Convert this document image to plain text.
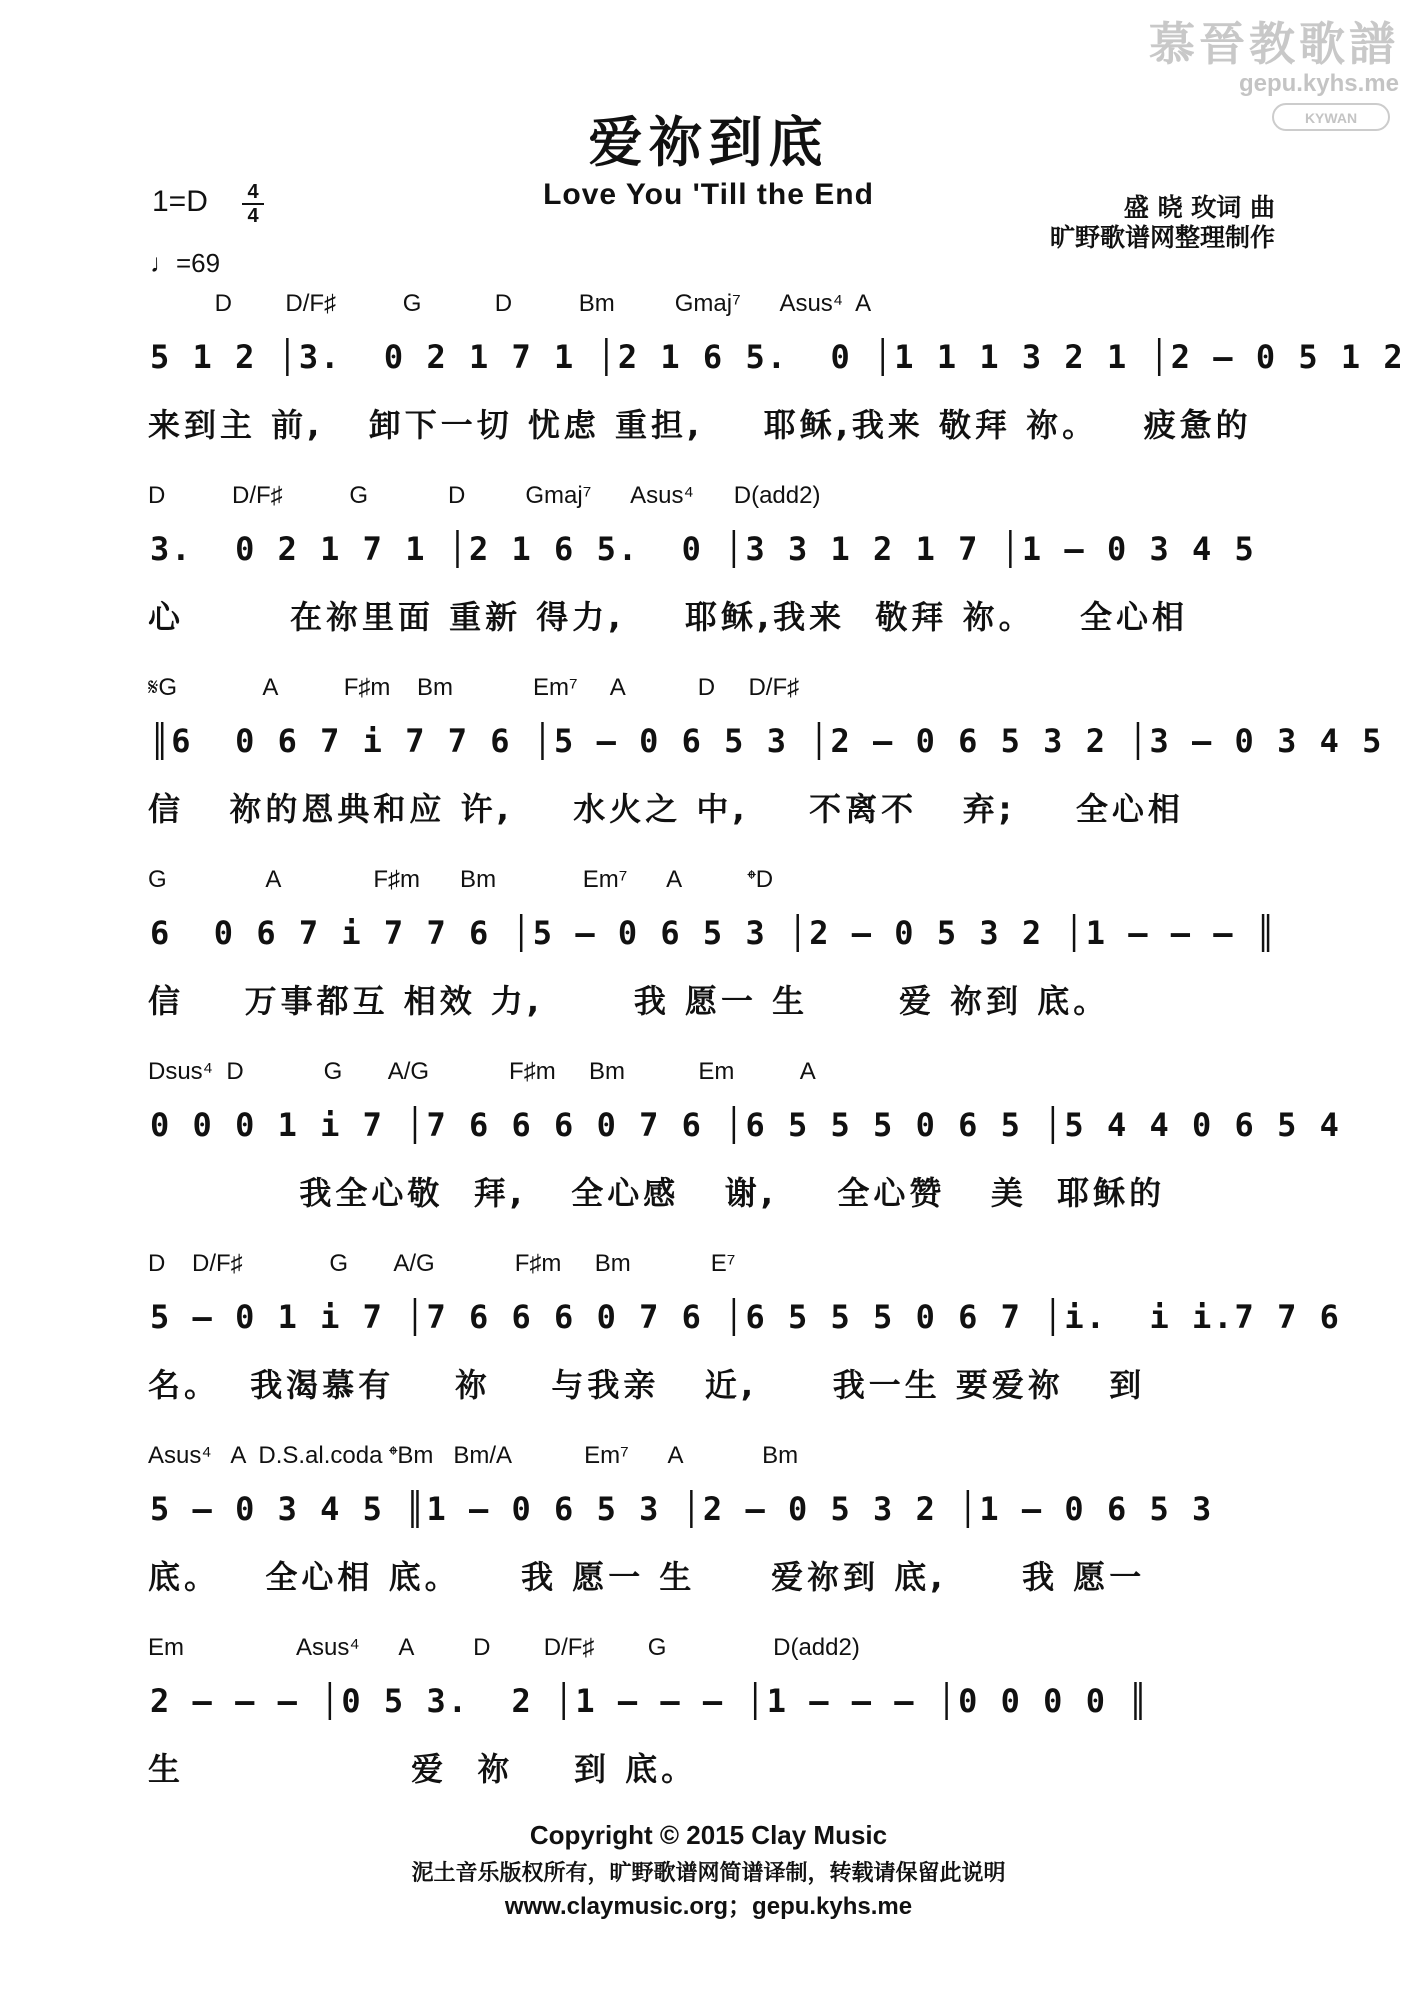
慕晉教歌譜
gepu.kyhs.me
KYWAN
爱祢到底
Love You 'Till the End
$1=D \frac{4}{4}$
♩=69
盛 晓 玫词 曲
旷野歌谱网整理制作
D        D/F♯          G           D          Bm         Gmaj⁷      Asus⁴  A
5 1 2 │3.  0 2 1 7 1 │2 1 6 5.  0 │1 1 1 3 2 1 │2 – 0 5 1 2
来到主 前,   卸下一切 忧虑 重担,    耶稣,我来 敬拜 祢。   疲惫的
D          D/F♯          G            D         Gmaj⁷      Asus⁴      D(add2)
3.  0 2 1 7 1 │2 1 6 5.  0 │3 3 1 2 1 7 │1 – 0 3 4 5
心       在祢里面 重新 得力,    耶稣,我来  敬拜 祢。   全心相
𝄋G             A          F♯m    Bm            Em⁷     A           D     D/F♯
║6  0 6 7 i 7 7 6 │5 – 0 6 5 3 │2 – 0 6 5 3 2 │3 – 0 3 4 5
信   祢的恩典和应 许,    水火之 中,    不离不   弃;    全心相
G               A              F♯m      Bm             Em⁷      A          𝄌D
6  0 6 7 i 7 7 6 │5 – 0 6 5 3 │2 – 0 5 3 2 │1 – – – ║
信    万事都互 相效 力,      我 愿一 生      爱 祢到 底。
Dsus⁴  D            G       A/G            F♯m     Bm           Em          A
0 0 0 1 i 7 │7 6 6 6 0 7 6 │6 5 5 5 0 6 5 │5 4 4 0 6 5 4
我全心敬  拜,   全心感   谢,    全心赞   美  耶稣的
D    D/F♯             G       A/G            F♯m     Bm            E⁷
5 – 0 1 i 7 │7 6 6 6 0 7 6 │6 5 5 5 0 6 7 │i.  i i.7 7 6
名。  我渴慕有    祢    与我亲   近,     我一生 要爱祢   到
Asus⁴   A  D.S.al.coda 𝄌Bm   Bm/A           Em⁷      A            Bm
5 – 0 3 4 5 ║1 – 0 6 5 3 │2 – 0 5 3 2 │1 – 0 6 5 3
底。   全心相 底。    我 愿一 生     爱祢到 底,     我 愿一
Em                 Asus⁴      A         D        D/F♯        G                D(add2)
2 – – – │0 5 3.  2 │1 – – – │1 – – – │0 0 0 0 ║
生               爱  祢    到 底。
Copyright © 2015 Clay Music
泥土音乐版权所有，旷野歌谱网简谱译制，转载请保留此说明
www.claymusic.org；gepu.kyhs.me
